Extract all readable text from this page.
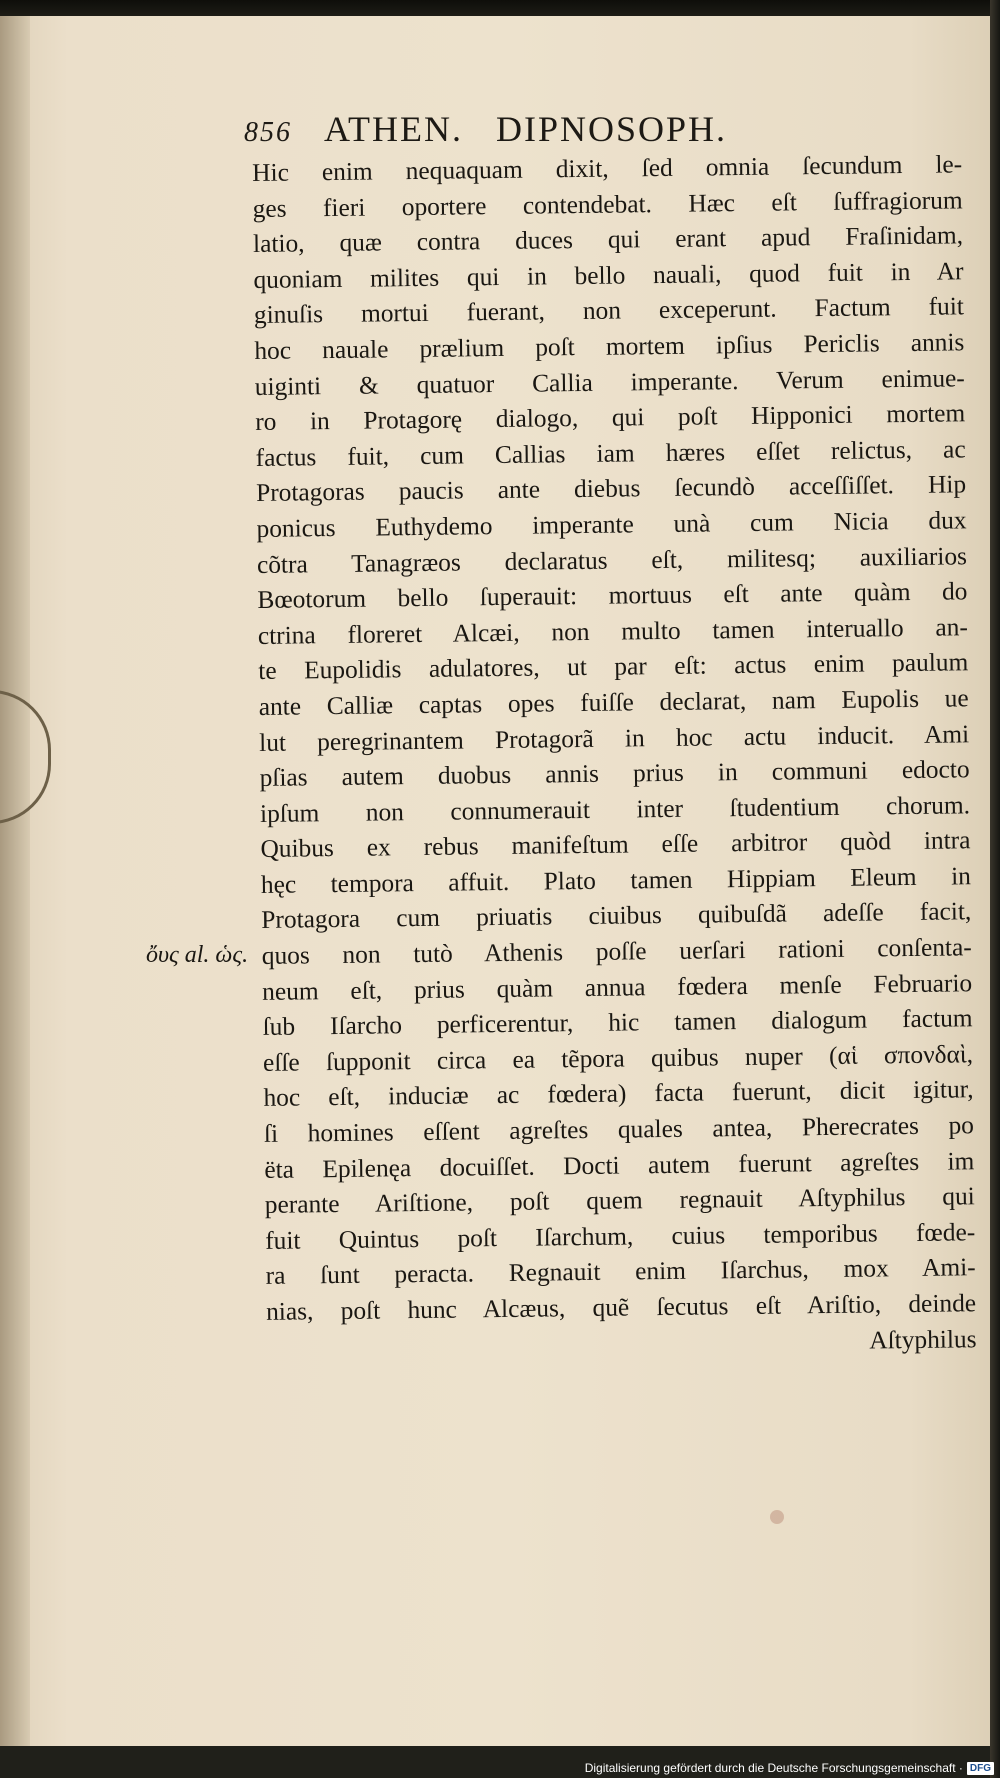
856 ATHEN. DIPNOSOPH.
ὄυς al. ὡς.
Hic enim nequaquam dixit, ſed omnia ſecundum le-
ges fieri oportere contendebat. Hæc eſt ſuffragiorum
latio, quæ contra duces qui erant apud Fraſinidam,
quoniam milites qui in bello nauali, quod fuit in Ar
ginuſis mortui fuerant, non exceperunt. Factum fuit
hoc nauale prælium poſt mortem ipſius Periclis annis
uiginti & quatuor Callia imperante. Verum enimue-
ro in Protagorę dialogo, qui poſt Hipponici mortem
factus fuit, cum Callias iam hæres eſſet relictus, ac
Protagoras paucis ante diebus ſecundò acceſſiſſet. Hip
ponicus Euthydemo imperante unà cum Nicia dux
cõtra Tanagræos declaratus eſt, militesq; auxiliarios
Bœotorum bello ſuperauit: mortuus eſt ante quàm do
ctrina floreret Alcæi, non multo tamen interuallo an-
te Eupolidis adulatores, ut par eſt: actus enim paulum
ante Calliæ captas opes fuiſſe declarat, nam Eupolis ue
lut peregrinantem Protagorã in hoc actu inducit. Ami
pſias autem duobus annis prius in communi edocto
ipſum non connumerauit inter ſtudentium chorum.
Quibus ex rebus manifeſtum eſſe arbitror quòd intra
hęc tempora affuit. Plato tamen Hippiam Eleum in
Protagora cum priuatis ciuibus quibuſdã adeſſe facit,
quos non tutò Athenis poſſe uerſari rationi conſenta-
neum eſt, prius quàm annua fœdera menſe Februario
ſub Iſarcho perficerentur, hic tamen dialogum factum
eſſe ſupponit circa ea tẽpora quibus nuper (αἱ σπονδαὶ,
hoc eſt, induciæ ac fœdera) facta fuerunt, dicit igitur,
ſi homines eſſent agreſtes quales antea, Pherecrates po
ëta Epilenęa docuiſſet. Docti autem fuerunt agreſtes im
perante Ariſtione, poſt quem regnauit Aſtyphilus qui
fuit Quintus poſt Iſarchum, cuius temporibus fœde-
ra ſunt peracta. Regnauit enim Iſarchus, mox Ami-
nias, poſt hunc Alcæus, quẽ ſecutus eſt Ariſtio, deinde
Aſtyphilus
Digitalisierung gefördert durch die Deutsche Forschungsgemeinschaft · DFG
